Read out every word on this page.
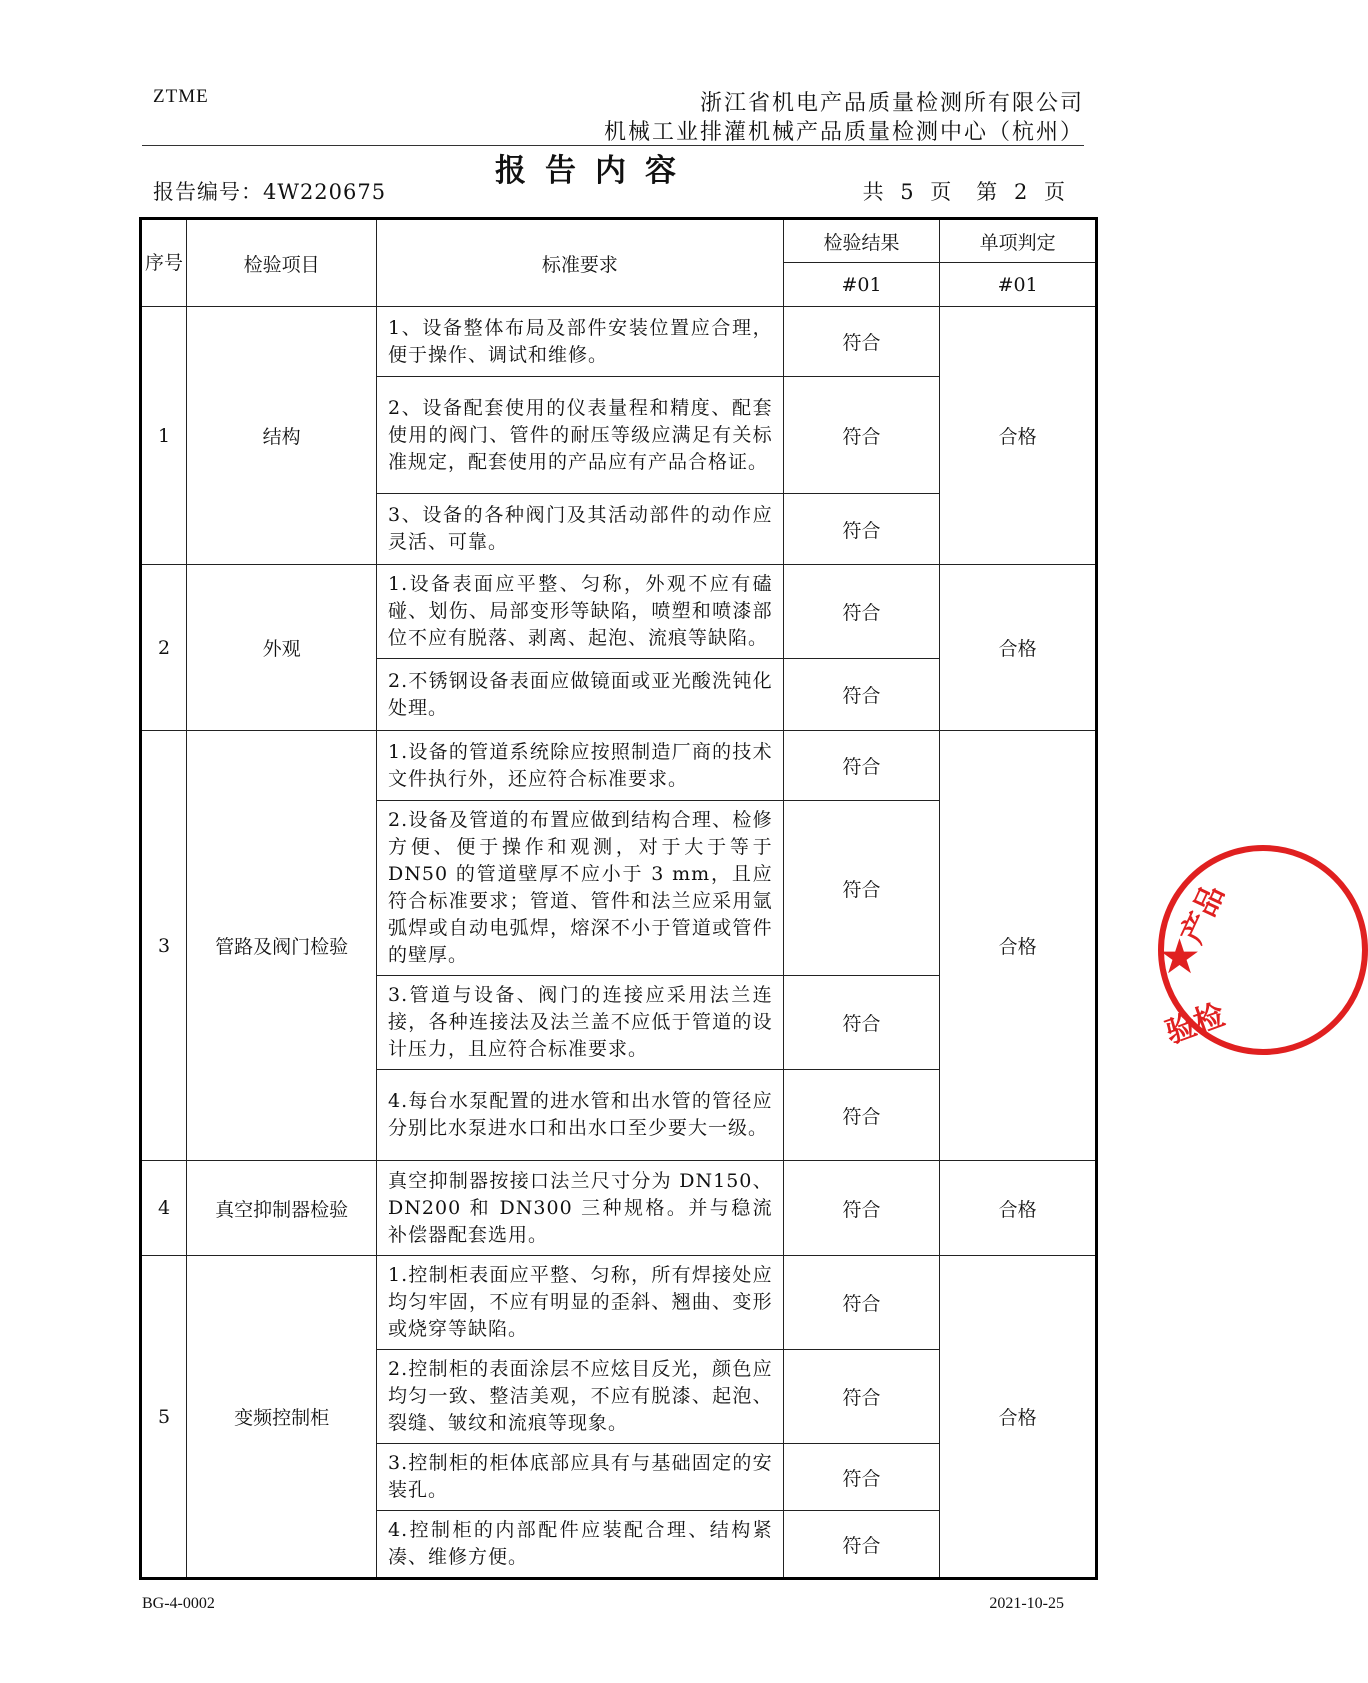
ZTME	浙江省机电产品质量检测所有限公司
机械工业排灌机械产品质量检测中心（杭州）
报告内容
报告编号：4W220675	共 5 页　第 2 页
序号	检验项目	标准要求	检验结果	单项判定
			#01	#01
1	结构	1、设备整体布局及部件安装位置应合理，便于操作、调试和维修。	符合	合格
		2、设备配套使用的仪表量程和精度、配套使用的阀门、管件的耐压等级应满足有关标准规定，配套使用的产品应有产品合格证。	符合	
		3、设备的各种阀门及其活动部件的动作应灵活、可靠。	符合	
2	外观	1.设备表面应平整、匀称，外观不应有磕碰、划伤、局部变形等缺陷，喷塑和喷漆部位不应有脱落、剥离、起泡、流痕等缺陷。	符合	合格
		2.不锈钢设备表面应做镜面或亚光酸洗钝化处理。	符合	
3	管路及阀门检验	1.设备的管道系统除应按照制造厂商的技术文件执行外，还应符合标准要求。	符合	合格
		2.设备及管道的布置应做到结构合理、检修方便、便于操作和观测，对于大于等于DN50 的管道壁厚不应小于 3 mm，且应符合标准要求；管道、管件和法兰应采用氩弧焊或自动电弧焊，熔深不小于管道或管件的壁厚。	符合	
		3.管道与设备、阀门的连接应采用法兰连接，各种连接法及法兰盖不应低于管道的设计压力，且应符合标准要求。	符合	
		4.每台水泵配置的进水管和出水管的管径应分别比水泵进水口和出水口至少要大一级。	符合	
4	真空抑制器检验	真空抑制器按接口法兰尺寸分为 DN150、DN200 和 DN300 三种规格。并与稳流补偿器配套选用。	符合	合格
5	变频控制柜	1.控制柜表面应平整、匀称，所有焊接处应均匀牢固，不应有明显的歪斜、翘曲、变形或烧穿等缺陷。	符合	合格
		2.控制柜的表面涂层不应炫目反光，颜色应均匀一致、整洁美观，不应有脱漆、起泡、裂缝、皱纹和流痕等现象。	符合	
		3.控制柜的柜体底部应具有与基础固定的安装孔。	符合	
		4.控制柜的内部配件应装配合理、结构紧凑、维修方便。	符合	
产品
★
验检
BG-4-0002	2021-10-25
